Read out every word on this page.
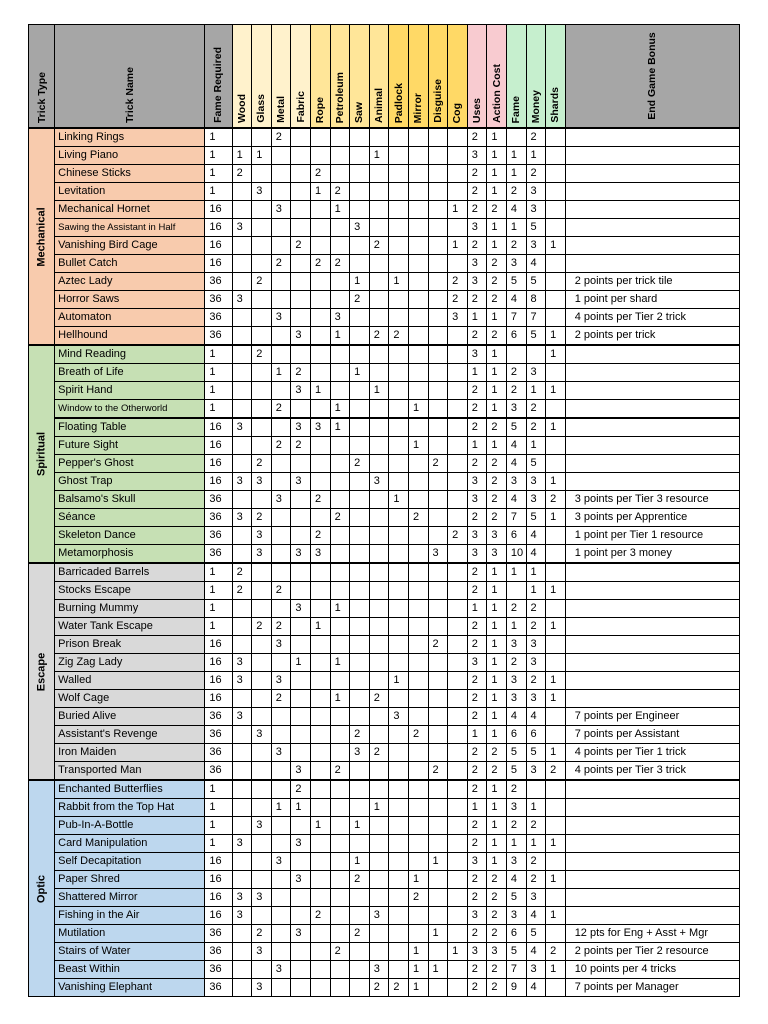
Trick Type	Trick Name	Fame Required	Wood	Glass	Metal	Fabric	Rope	Petroleum	Saw	Animal	Padlock	Mirror	Disguise	Cog	Uses	Action Cost	Fame	Money	Shards	End Game Bonus

Mechanical	Linking Rings	1			2										2	1		2		
	Living Piano	1	1	1						1					3	1	1	1		
	Chinese Sticks	1	2				2								2	1	1	2		
	Levitation	1		3			1	2							2	1	2	3		
	Mechanical Hornet	16			3			1						1	2	2	4	3		
	Sawing the Assistant in Half	16	3						3						3	1	1	5		
	Vanishing Bird Cage	16				2				2				1	2	1	2	3	1	
	Bullet Catch	16			2		2	2							3	2	3	4		
	Aztec Lady	36		2					1		1			2	3	2	5	5		2 points per trick tile
	Horror Saws	36	3						2					2	2	2	4	8		1 point per shard
	Automaton	36			3			3						3	1	1	7	7		4 points per Tier 2 trick
	Hellhound	36				3		1		2	2				2	2	6	5	1	2 points per trick

Spiritual	Mind Reading	1		2											3	1			1	
	Breath of Life	1			1	2			1						1	1	2	3		
	Spirit Hand	1				3	1			1					2	1	2	1	1	
	Window to the Otherworld	1			2			1				1			2	1	3	2		
	Floating Table	16	3			3	3	1							2	2	5	2	1	
	Future Sight	16			2	2						1			1	1	4	1		
	Pepper's Ghost	16		2					2				2		2	2	4	5		
	Ghost Trap	16	3	3		3				3					3	2	3	3	1	
	Balsamo's Skull	36			3		2				1				3	2	4	3	2	3 points per Tier 3 resource
	Séance	36	3	2				2				2			2	2	7	5	1	3 points per Apprentice
	Skeleton Dance	36		3			2							2	3	3	6	4		1 point per Tier 1 resource
	Metamorphosis	36		3		3	3						3		3	3	10	4		1 point per 3 money

Escape	Barricaded Barrels	1	2												2	1	1	1		
	Stocks Escape	1	2		2										2	1		1	1	
	Burning Mummy	1				3		1							1	1	2	2		
	Water Tank Escape	1		2	2		1								2	1	1	2	1	
	Prison Break	16			3								2		2	1	3	3		
	Zig Zag Lady	16	3			1		1							3	1	2	3		
	Walled	16	3		3						1				2	1	3	2	1	
	Wolf Cage	16			2			1		2					2	1	3	3	1	
	Buried Alive	36	3								3				2	1	4	4		7 points per Engineer
	Assistant's Revenge	36		3					2			2			1	1	6	6		7 points per Assistant
	Iron Maiden	36			3				3	2					2	2	5	5	1	4 points per Tier 1 trick
	Transported Man	36				3		2					2		2	2	5	3	2	4 points per Tier 3 trick

Optic	Enchanted Butterflies	1				2									2	1	2			
	Rabbit from the Top Hat	1			1	1				1					1	1	3	1		
	Pub-In-A-Bottle	1		3			1		1						2	1	2	2		
	Card Manipulation	1	3			3									2	1	1	1	1	
	Self Decapitation	16			3				1				1		3	1	3	2		
	Paper Shred	16				3			2			1			2	2	4	2	1	
	Shattered Mirror	16	3	3								2			2	2	5	3		
	Fishing in the Air	16	3				2			3					3	2	3	4	1	
	Mutilation	36		2		3			2				1		2	2	6	5		12 pts for Eng + Asst + Mgr
	Stairs of Water	36		3				2				1		1	3	3	5	4	2	2 points per Tier 2 resource
	Beast Within	36			3					3		1	1		2	2	7	3	1	10 points per 4 tricks
	Vanishing Elephant	36		3						2	2	1			2	2	9	4		7 points per Manager
